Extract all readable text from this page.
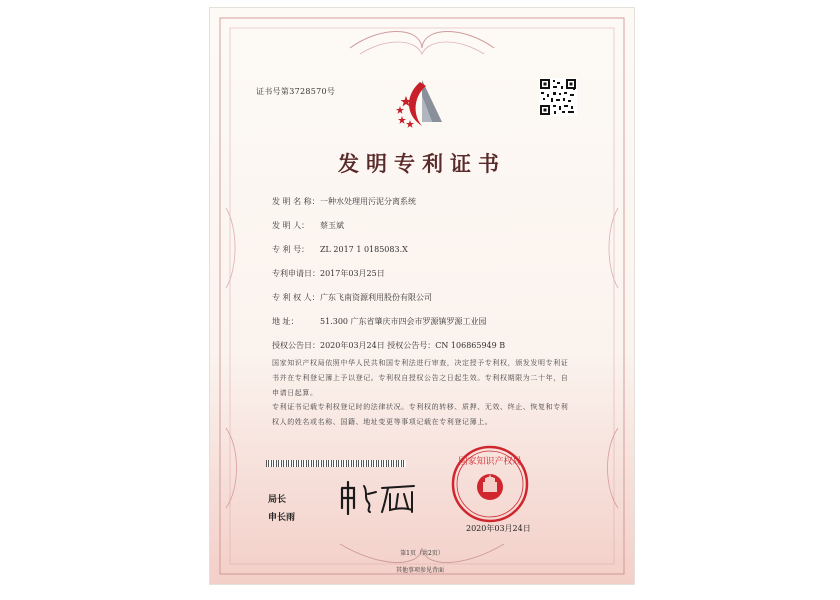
证书号第3728570号
发明专利证书
发 明 名 称：一种水处理用污泥分离系统
发 明 人： 蔡玉斌
专 利 号： ZL 2017 1 0185083.X
专利申请日：2017年03月25日
专 利 权 人：广东飞南资源利用股份有限公司
地 址：	51.300 广东省肇庆市四会市罗源镇罗源工业园
授权公告日：2020年03月24日 授权公告号：CN 106865949 B
国家知识产权局依照中华人民共和国专利法进行审查，决定授予专利权，颁发发明专利证书并在专利登记簿上予以登记。专利权自授权公告之日起生效。专利权期限为二十年，自申请日起算。
专利证书记载专利权登记时的法律状况。专利权的转移、质押、无效、终止、恢复和专利权人的姓名或名称、国籍、地址变更等事项记载在专利登记簿上。
局长
申长雨
国家知识产权局
2020年03月24日
第1页（共2页）
其他事项参见背面
